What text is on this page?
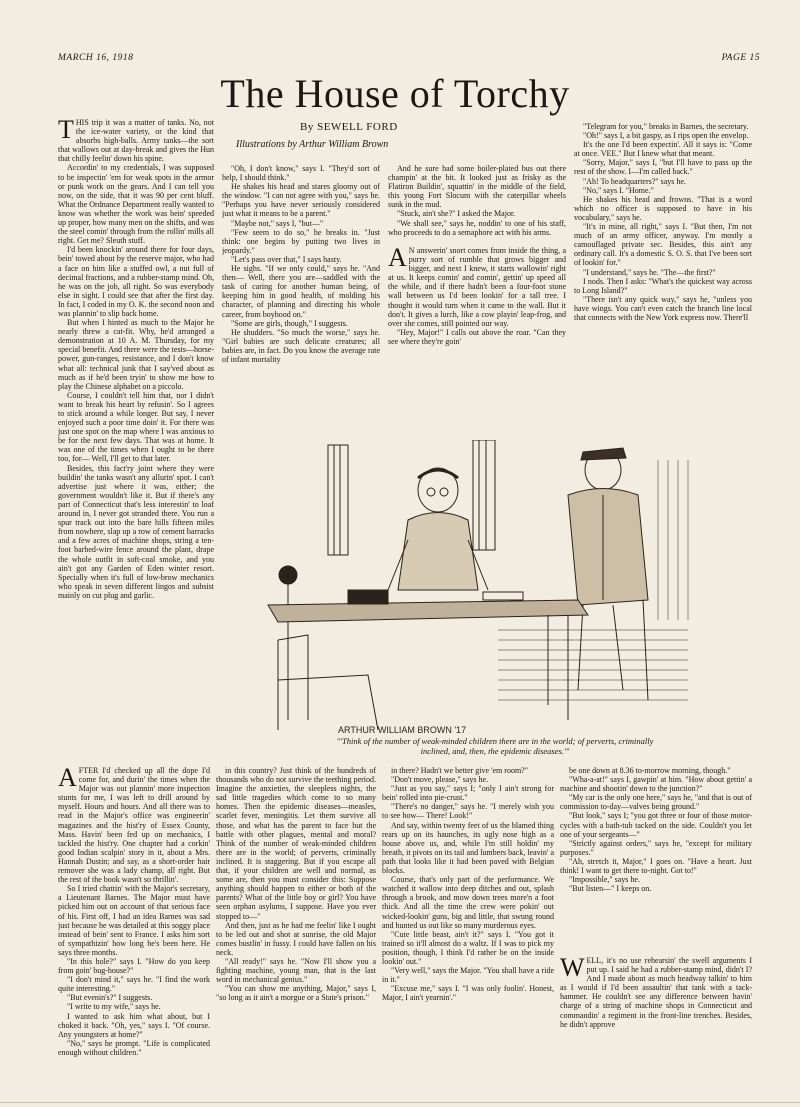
MARCH 16, 1918	PAGE 15
The House of Torchy
By SEWELL FORD
Illustrations by Arthur William Brown

THIS trip it was a matter of tanks. No, not the ice-water variety, or the kind that absorbs high-balls. Army tanks—the sort that wallows out at day-break and gives the Hun that chilly feelin' down his spine.

Accordin' to my credentials, I was supposed to be inspectin' 'em for weak spots in the armor or punk work on the gears. And I can tell you now, on the side, that it was 90 per cent bluff. What the Ordnance Department really wanted to know was whether the work was bein' speeded up proper, how many men on the shifts, and was the steel comin' through from the rollin' mills all right. Get me? Sleuth stuff.

I'd been knockin' around there for four days, bein' towed about by the reserve major, who had a face on him like a stuffed owl, a nut full of decimal fractions, and a rubber-stamp mind. Oh, he was on the job, all right. So was everybody else in sight. I could see that after the first day. In fact, I coded in my O. K. the second noon and was plannin' to slip back home.

But when I hinted as much to the Major he nearly threw a cat-fit. Why, he'd arranged a demonstration at 10 A. M. Thursday, for my special benefit. And there were the tests—horse-power, gun-ranges, resistance, and I don't know what all: technical junk that I say'ved about as much as if he'd been tryin' to show me how to play the Chinese alphabet on a piccolo.

Course, I couldn't tell him that, nor I didn't want to break his heart by refusin'. So I agrees to stick around a while longer. But say, I never enjoyed such a poor time doin' it. For there was just one spot on the map where I was anxious to be for the next few days. That was at home. It was one of the times when I ought to be there too, for— Well, I'll get to that later.

Besides, this fact'ry joint where they were buildin' the tanks wasn't any allurin' spot. I can't advertise just where it was, either; the government wouldn't like it. But if there's any part of Connecticut that's less interestin' to loaf around in, I never got stranded there. You run a spur track out into the bare hills fifteen miles from nowhere, slap up a row of cement barracks and a few acres of machine shops, string a ten-foot barbed-wire fence around the plant, drape the whole outfit in soft-coal smoke, and you ain't got any Garden of Eden winter resort. Specially when it's full of low-brow mechanics who speak in seven different lingos and subsist mainly on cut plug and garlic.

"Oh, I don't know," says I. "They'd sort of help, I should think."

He shakes his head and stares gloomy out of the window. "I can not agree with you," says he. "Perhaps you have never seriously considered just what it means to be a parent."

"Maybe not," says I, "but—"

"Few seem to do so," he breaks in. "Just think: one begins by putting two lives in jeopardy."

"Let's pass over that," I says hasty.

He sighs. "If we only could," says he. "And then— Well, there you are—saddled with the task of caring for another human being, of keeping him in good health, of molding his character, of planning and directing his whole career, from boyhood on."

"Some are girls, though," I suggests.

He shudders. "So much the worse," says he. "Girl babies are such delicate creatures; all babies are, in fact. Do you know the average rate of infant mortality

And he sure had some boiler-plated bus out there champin' at the bit. It looked just as frisky as the Flatiron Buildin', squattin' in the middle of the field, this young Fort Slocum with the caterpillar wheels sunk in the mud.

"Stuck, ain't she?" I asked the Major.

"We shall see," says he, noddin' to one of his staff, who proceeds to do a semaphore act with his arms.

A N answerin' snort comes from inside the thing, a purry sort of rumble that grows bigger and bigger, and next I knew, it starts wallowin' right at us. It keeps comin' and comin', gettin' up speed all the while, and if there hadn't been a four-foot stone wall between us I'd been lookin' for a tall tree. I thought it would turn when it came to the wall. But it don't. It gives a lurch, like a cow playin' leap-frog, and over she comes, still pointed our way.

"Hey, Major!" I calls out above the roar. "Can they see where they're goin'

"Telegram for you," breaks in Barnes, the secretary.

"Oh!" says I, a bit gaspy, as I rips open the envelop.

It's the one I'd been expectin'. All it says is: "Come at once. VEE." But I knew what that meant.

"Sorry, Major," says I, "but I'll have to pass up the rest of the show. I—I'm called back."

"Ah! To headquarters?" says he.

"No," says I. "Home."

He shakes his head and frowns. "That is a word which no officer is supposed to have in his vocabulary," says he.

"It's in mine, all right," says I. "But then, I'm not much of an army officer, anyway. I'm mostly a camouflaged private sec. Besides, this ain't any ordinary call. It's a domestic S. O. S. that I've been sort of lookin' for."

"I understand," says he. "The—the first?"

I nods. Then I asks: "What's the quickest way across to Long Island?"

"There isn't any quick way," says he, "unless you have wings. You can't even catch the branch line local that connects with the New York express now. There'll

ARTHUR WILLIAM BROWN '17
"'Think of the number of weak-minded children there are in the world; of perverts, criminally inclined, and, then, the epidemic diseases.'"

AFTER I'd checked up all the dope I'd come for, and durin' the times when the Major was out plannin' more inspection stunts for me, I was left to drill around by myself. Hours and hours. And all there was to read in the Major's office was engineerin' magazines and the hist'ry of Essex County, Mass. Havin' been fed up on mechanics, I tackled the hist'ry. One chapter had a corkin' good Indian scalpin' story in it, about a Mrs. Hannah Dustin; and say, as a short-order hair remover she was a lady champ, all right. But the rest of the book wasn't so thrillin'.

So I tried chattin' with the Major's secretary, a Lieutenant Barnes. The Major must have picked him out on account of that serious face of his. First off, I had an idea Barnes was sad just because he was detailed at this soggy place instead of bein' sent to France. I asks him sort of sympathizin' how long he's been here. He says three months.

"In this hole?" says I. "How do you keep from goin' bug-house?"

"I don't mind it," says he. "I find the work quite interesting."

"But evenin's?" I suggests.

"I write to my wife," says he.

I wanted to ask him what about, but I choked it back. "Oh, yes," says I. "Of course. Any youngsters at home?"

"No," says he prompt. "Life is complicated enough without children."

in this country? Just think of the hundreds of thousands who do not survive the teething period. Imagine the anxieties, the sleepless nights, the sad little tragedies which come to so many homes. Then the epidemic diseases—measles, scarlet fever, meningitis. Let them survive all those, and what has the parent to face but the battle with other plagues, mental and moral? Think of the number of weak-minded children there are in the world; of perverts, criminally inclined. It is staggering. But if you escape all that, if your children are well and normal, as some are, then you must consider this: Suppose anything should happen to either or both of the parents? What of the little boy or girl? You have seen orphan asylums, I suppose. Have you ever stopped to—"

And then, just as he had me feelin' like I ought to be led out and shot at sunrise, the old Major comes bustlin' in fussy. I could have fallen on his neck.

"All ready!" says he. "Now I'll show you a fighting machine, young man, that is the last word in mechanical genius."

"You can show me anything, Major," says I, "so long as it ain't a morgue or a State's prison."

in there? Hadn't we better give 'em room?"

"Don't move, please," says he.

"Just as you say," says I; "only I ain't strong for bein' rolled into pie-crust."

"There's no danger," says he. "I merely wish you to see how— There! Look!"

And say, within twenty feet of us the blamed thing rears up on its haunches, its ugly nose high as a house above us, and, while I'm still holdin' my breath, it pivots on its tail and lumbers back, leavin' a path that looks like it had been paved with Belgian blocks.

Course, that's only part of the performance. We watched it wallow into deep ditches and out, splash through a brook, and mow down trees more'n a foot thick. And all the time the crew were pokin' out wicked-lookin' guns, big and little, that swung round and hunted us out like so many murderous eyes.

"Cute little beast, ain't it?" says I. "You got it trained so it'll almost do a waltz. If I was to pick my position, though, I think I'd rather be on the inside lookin' out."

"Very well," says the Major. "You shall have a ride in it."

"Excuse me," says I. "I was only foolin'. Honest, Major, I ain't yearnin'."

be one down at 8.36 to-morrow morning, though."

"Wha-a-at!" says I, gawpin' at him. "How about gettin' a machine and shootin' down to the junction?"

"My car is the only one here," says he, "and that is out of commission to-day—valves being ground."

"But look," says I; "you got three or four of those motor-cycles with a bath-tub tacked on the side. Couldn't you let one of your sergeants—"

"Strictly against orders," says he, "except for military purposes."

"Ah, stretch it, Major," I goes on. "Have a heart. Just think! I want to get there to-night. Got to!"

"Impossible," says he.

"But listen—" I keeps on.

WELL, it's no use rehearsin' the swell arguments I put up. I said he had a rubber-stamp mind, didn't I? And I made about as much headway talkin' to him as I would if I'd been assaultin' that tank with a tack-hammer. He couldn't see any difference between havin' charge of a string of machine shops in Connecticut and commandin' a regiment in the front-line trenches. Besides, he didn't approve
